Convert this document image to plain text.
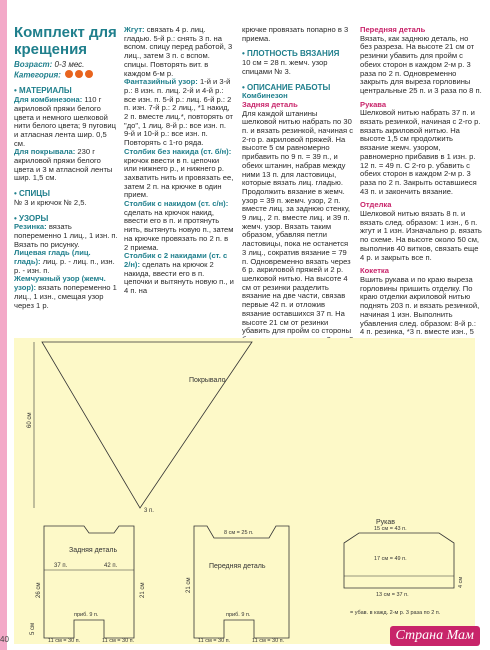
Комплект для крещения

Возраст: 0-3 мес.

Категория:

• МАТЕРИАЛЫ

Для комбинезона: 110 г акриловой пряжи белого цвета и немного шелковой нити белого цвета; 9 пуговиц и атласная лента шир. 0,5 см.

Для покрывала: 230 г акриловой пряжи белого цвета и 3 м атласной ленты шир. 1,5 см.

• СПИЦЫ

№ 3 и крючок № 2,5.

• УЗОРЫ

Резинка: вязать попеременно 1 лиц., 1 изн. п. Вязать по рисунку.

Лицевая гладь (лиц. гладь): лиц. р. - лиц. п., изн. р. - изн. п.

Жемчужный узор (жемч. узор): вязать попеременно 1 лиц., 1 изн., смещая узор через 1 р.

Жгут: связать 4 р. лиц. гладью. 5-й р.: снять 3 п. на вспом. спицу перед работой, 3 лиц., затем 3 п. с вспом. спицы. Повторять вит. в каждом 6-м р.

Фантазийный узор: 1-й и 3-й р.: 8 изн. п. лиц. 2-й и 4-й р.: все изн. п. 5-й р.: лиц. 6-й р.: 2 п. изн. 7-й р.: 2 лиц., *1 накид, 2 п. вместе лиц.*, повторять от "до", 1 лиц. 8-й р.: все изн. п. 9-й и 10-й р.: все изн. п. Повторять с 1-го ряда.

Столбик без накида (ст. б/н): крючок ввести в п. цепочки или нижнего р., и нижнего р. захватить нить и провязать ее, затем 2 п. на крючке в один прием.

Столбик с накидом (ст. с/н): сделать на крючок накид, ввести его в п. и протянуть нить, вытянуть новую п., затем на крючке провязать по 2 п. в 2 приема.

Столбик с 2 накидами (ст. с 2/н): сделать на крючок 2 накида, ввести его в п. цепочки и вытянуть новую п., и 4 п. на

крючке провязать попарно в 3 приема.

• ПЛОТНОСТЬ ВЯЗАНИЯ

10 см = 28 п. жемч. узор спицами № 3.

• ОПИСАНИЕ РАБОТЫ

Комбинезон

Задняя деталь

Для каждой штанины шелковой нитью набрать по 30 п. и вязать резинкой, начиная с 2-го р. акриловой пряжей. На высоте 5 см равномерно прибавить по 9 п. = 39 п., и обеих штанин, набрав между ними 13 п. для ластовицы, которые вязать лиц. гладью. Продолжить вязание в жемч. узор = 39 п. жемч. узор, 2 п. вместе лиц. за заднюю стенку, 9 лиц., 2 п. вместе лиц. и 39 п. жемч. узор. Вязать таким образом, убавляя петли ластовицы, пока не останется 3 лиц., сократив вязание = 79 п. Одновременно вязать через 6 р. акриловой пряжей и 2 р. шелковой нитью. На высоте 4 см от резинки разделить вязание на две части, связав первые 42 п. и отложив вязание оставшихся 37 п. На высоте 21 см от резинки убавить для пройм со стороны

Передняя деталь

Вязать, как заднюю деталь, но без разреза. На высоте 21 см от резинки убавить для пройм с обеих сторон в каждом 2-м р. 3 раза по 2 п. Одновременно закрыть для выреза горловины центральные 25 п. и 3 раза по 8 п.

Рукава

Шелковой нитью набрать 37 п. и вязать резинкой, начиная с 2-го р. вязать акриловой нитью. На высоте 1,5 см продолжить вязание жемч. узором, равномерно прибавив в 1 изн. р. 12 п. = 49 п. С 2-го р. убавить с обеих сторон в каждом 2-м р. 3 раза по 2 п. Закрыть оставшиеся 43 п. и закончить вязание.

Отделка

Шелковой нитью вязать 8 п. и вязать след. образом: 1 изн., 6 п. жгут и 1 изн. Изначально р. вязать по схеме. На высоте около 50 см, выполнив 40 витков, связать еще 4 р. и закрыть все п.

Кокетка

Вшить рукава и по краю выреза горловины пришить отделку. По краю отделки акриловой нитью поднять 203 п. и вязать резинкой, начиная 1 изн. Выполнить убавления след. образом: 8-й р.: 4 п. резинка, *3 п. вместе изн., 5

60 см
Покрывало
3 п.
Задняя деталь
37 п.	42 п.
26 см	21 см
приб. 9 п.
5 см
11 см = 30 п.	11 см = 30 п.
8 см = 25 п.
Передняя деталь
21 см
приб. 9 п.
11 см = 30 п.	11 см = 30 п.
Рукав
15 см = 43 п.
17 см = 49 п.
13 см = 37 п.
4 см
= убав. в кажд. 2-м р. 3 раза по 2 п.
40	Страна Мам
